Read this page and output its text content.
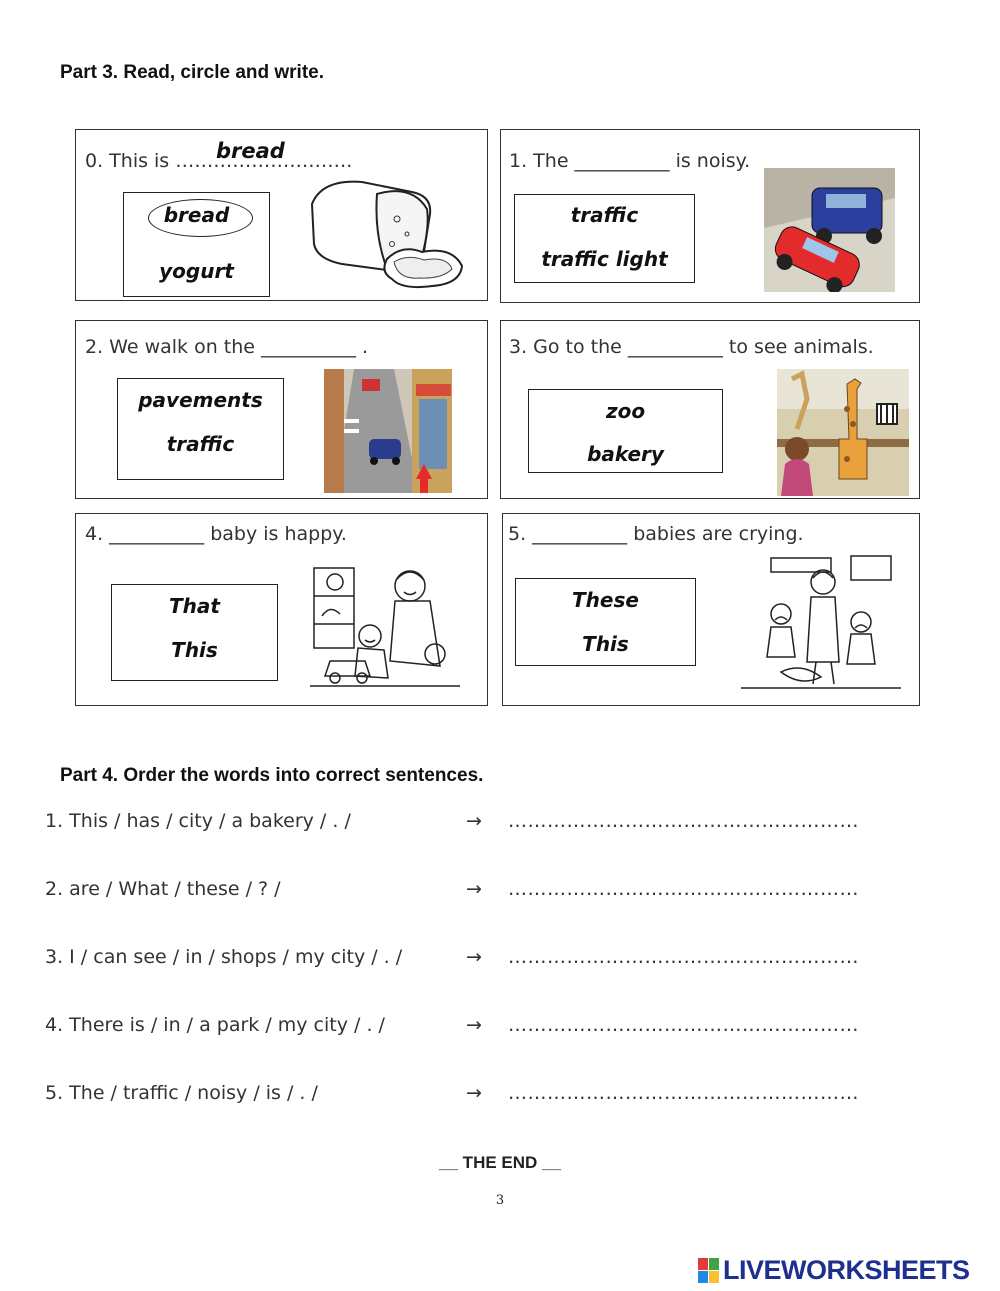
Part 3. Read, circle and write.
0. This is ……………………….
bread
bread
yogurt
1. The __________ is noisy.
traffic
traffic light
2. We walk on the __________ .
pavements
traffic
3. Go to the __________ to see animals.
zoo
bakery
4. __________ baby is happy.
That
This
5. __________ babies are crying.
These
This
Part 4. Order the words into correct sentences.
1. This / has / city / a bakery / . /	→ ………………………………………………
2. are / What / these / ? /	→ ………………………………………………
3. I / can see / in / shops / my city / . /	→ ………………………………………………
4. There is / in / a park / my city / . /	→ ………………………………………………
5. The / traffic / noisy / is / . /	→ ………………………………………………
__ THE END __
3
LIVEWORKSHEETS
